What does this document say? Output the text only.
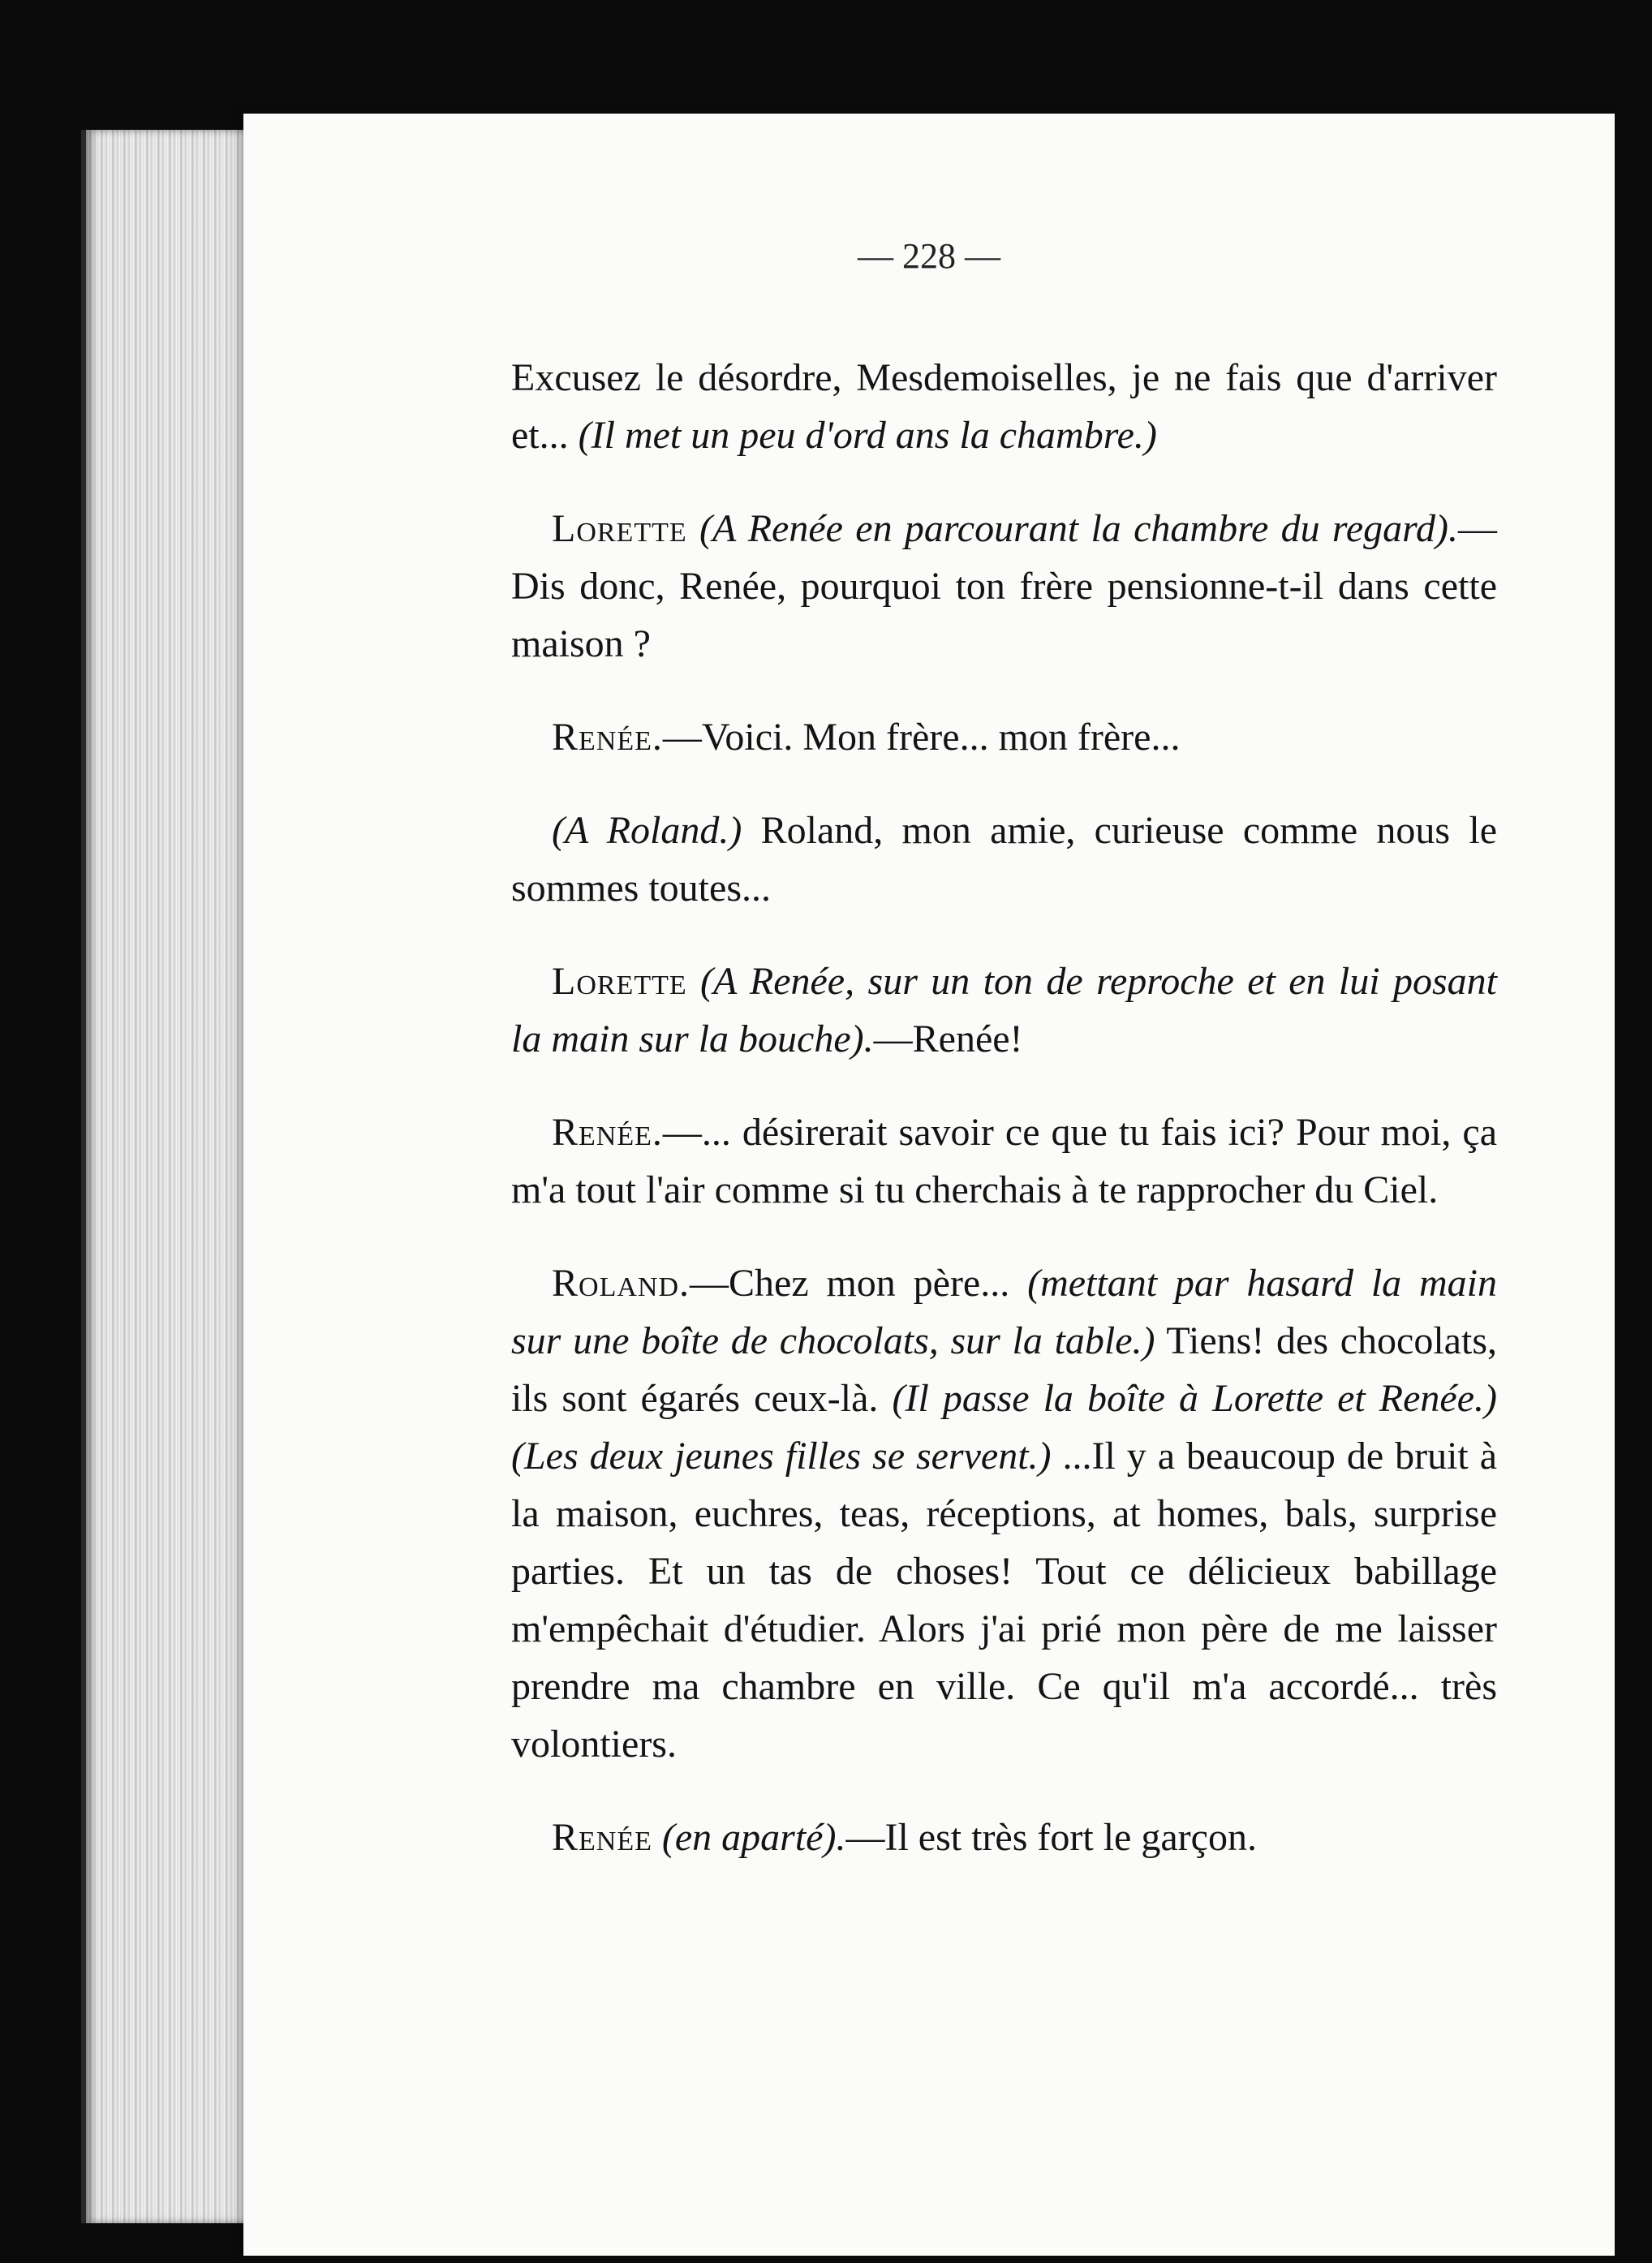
— 228 —

Excusez le désordre, Mesdemoiselles, je ne fais que d'arriver et... (Il met un peu d'ord ans la chambre.)

Lorette (A Renée en parcourant la chambre du regard).—Dis donc, Renée, pourquoi ton frère pensionne-t-il dans cette maison ?

Renée.—Voici. Mon frère... mon frère...

(A Roland.) Roland, mon amie, curieuse comme nous le sommes toutes...

Lorette (A Renée, sur un ton de reproche et en lui posant la main sur la bouche).—Renée!

Renée.—... désirerait savoir ce que tu fais ici? Pour moi, ça m'a tout l'air comme si tu cherchais à te rapprocher du Ciel.

Roland.—Chez mon père... (mettant par hasard la main sur une boîte de chocolats, sur la table.) Tiens! des chocolats, ils sont égarés ceux-là. (Il passe la boîte à Lorette et Renée.) (Les deux jeunes filles se servent.) ...Il y a beaucoup de bruit à la maison, euchres, teas, réceptions, at homes, bals, surprise parties. Et un tas de choses! Tout ce délicieux babillage m'empêchait d'étudier. Alors j'ai prié mon père de me laisser prendre ma chambre en ville. Ce qu'il m'a accordé... très volontiers.

Renée (en aparté).—Il est très fort le garçon.
